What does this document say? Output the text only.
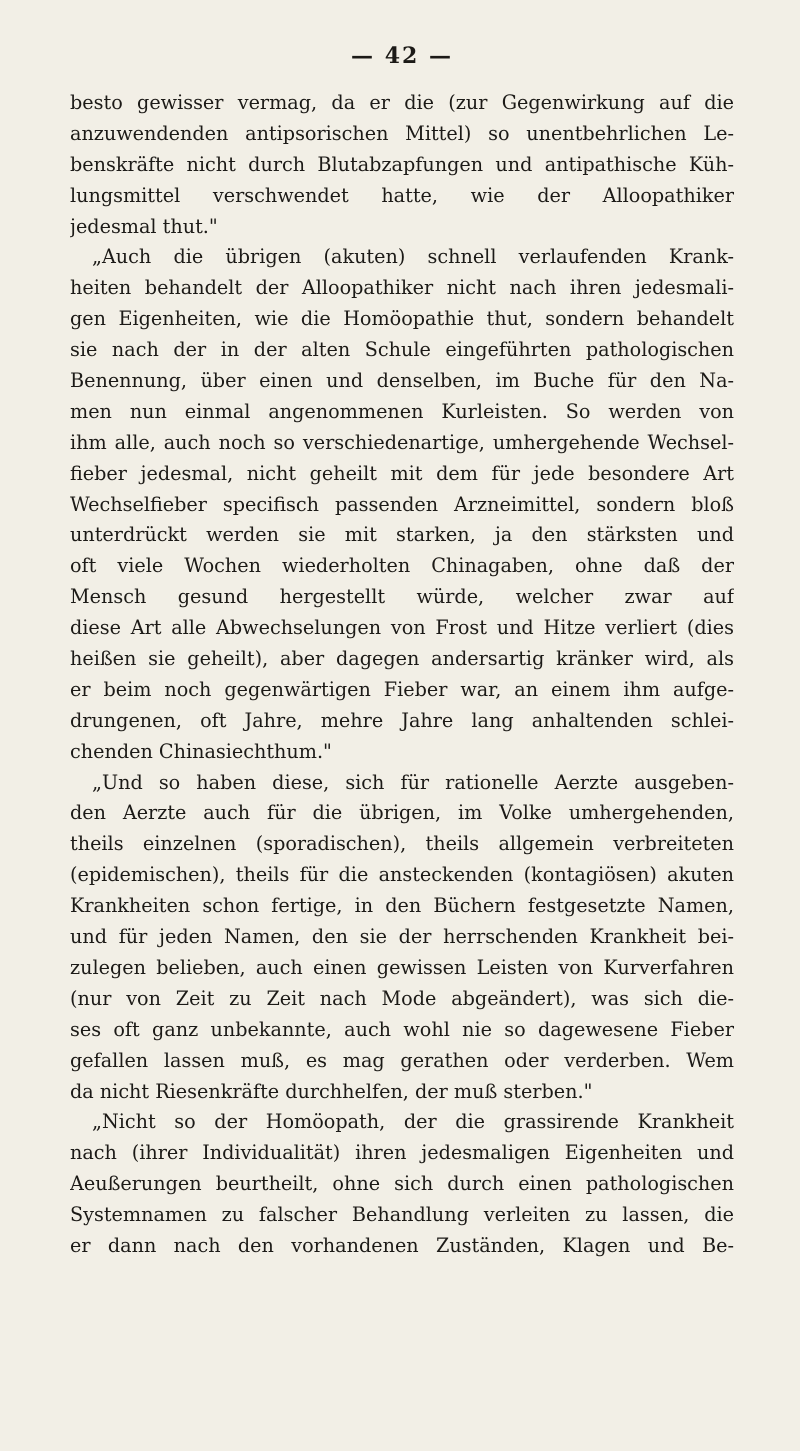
— 42 —
besto gewisser vermag, da er die (zur Gegenwirkung auf die
anzuwendenden antipsorischen Mittel) so unentbehrlichen Le-
benskräfte nicht durch Blutabzapfungen und antipathische Küh-
lungsmittel verschwendet hatte, wie der Alloopathiker
jedesmal thut."
„Auch die übrigen (akuten) schnell verlaufenden Krank-
heiten behandelt der Alloopathiker nicht nach ihren jedesmali-
gen Eigenheiten, wie die Homöopathie thut, sondern behandelt
sie nach der in der alten Schule eingeführten pathologischen
Benennung, über einen und denselben, im Buche für den Na-
men nun einmal angenommenen Kurleisten. So werden von
ihm alle, auch noch so verschiedenartige, umhergehende Wechsel-
fieber jedesmal, nicht geheilt mit dem für jede besondere Art
Wechselfieber specifisch passenden Arzneimittel, sondern bloß
unterdrückt werden sie mit starken, ja den stärksten und
oft viele Wochen wiederholten Chinagaben, ohne daß der
Mensch gesund hergestellt würde, welcher zwar auf
diese Art alle Abwechselungen von Frost und Hitze verliert (dies
heißen sie geheilt), aber dagegen andersartig kränker wird, als
er beim noch gegenwärtigen Fieber war, an einem ihm aufge-
drungenen, oft Jahre, mehre Jahre lang anhaltenden schlei-
chenden Chinasiechthum."
„Und so haben diese, sich für rationelle Aerzte ausgeben-
den Aerzte auch für die übrigen, im Volke umhergehenden,
theils einzelnen (sporadischen), theils allgemein verbreiteten
(epidemischen), theils für die ansteckenden (kontagiösen) akuten
Krankheiten schon fertige, in den Büchern festgesetzte Namen,
und für jeden Namen, den sie der herrschenden Krankheit bei-
zulegen belieben, auch einen gewissen Leisten von Kurverfahren
(nur von Zeit zu Zeit nach Mode abgeändert), was sich die-
ses oft ganz unbekannte, auch wohl nie so dagewesene Fieber
gefallen lassen muß, es mag gerathen oder verderben. Wem
da nicht Riesenkräfte durchhelfen, der muß sterben."
„Nicht so der Homöopath, der die grassirende Krankheit
nach (ihrer Individualität) ihren jedesmaligen Eigenheiten und
Aeußerungen beurtheilt, ohne sich durch einen pathologischen
Systemnamen zu falscher Behandlung verleiten zu lassen, die
er dann nach den vorhandenen Zuständen, Klagen und Be-
